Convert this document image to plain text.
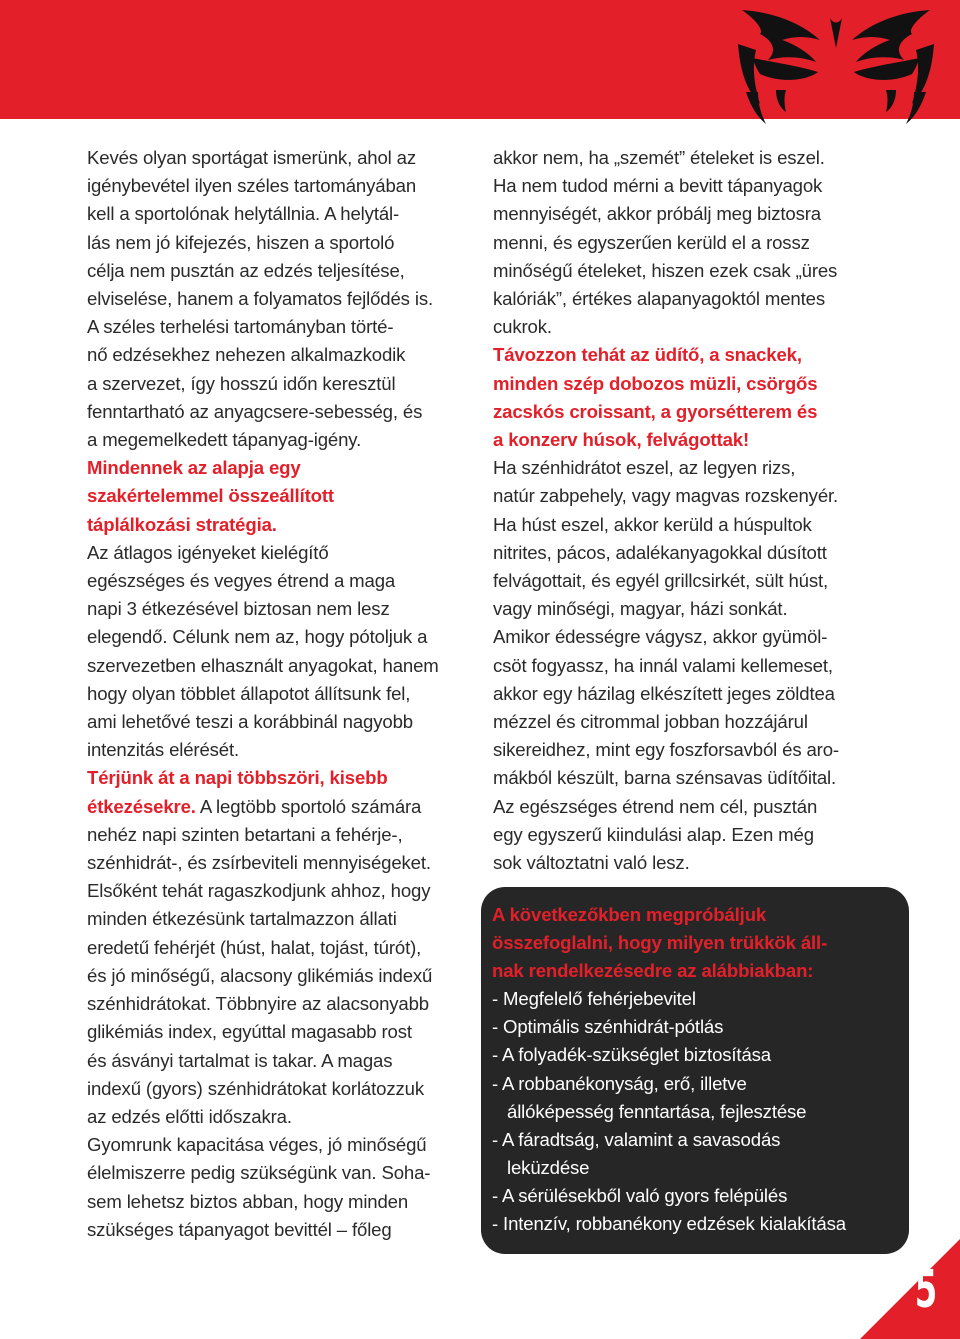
Kevés olyan sportágat ismerünk, ahol az
igénybevétel ilyen széles tartományában
kell a sportolónak helytállnia. A helytál-
lás nem jó kifejezés, hiszen a sportoló
célja nem pusztán az edzés teljesítése,
elviselése, hanem a folyamatos fejlődés is.
A széles terhelési tartományban törté-
nő edzésekhez nehezen alkalmazkodik
a szervezet, így hosszú időn keresztül
fenntartható az anyagcsere-sebesség, és
a megemelkedett tápanyag-igény.

Mindennek az alapja egy
szakértelemmel összeállított
táplálkozási stratégia.

Az átlagos igényeket kielégítő
egészséges és vegyes étrend a maga
napi 3 étkezésével biztosan nem lesz
elegendő. Célunk nem az, hogy pótoljuk a
szervezetben elhasznált anyagokat, hanem
hogy olyan többlet állapotot állítsunk fel,
ami lehetővé teszi a korábbinál nagyobb
intenzitás elérését.

Térjünk át a napi többszöri, kisebb
étkezésekre. A legtöbb sportoló számára
nehéz napi szinten betartani a fehérje-,
szénhidrát-, és zsírbeviteli mennyiségeket.
Elsőként tehát ragaszkodjunk ahhoz, hogy
minden étkezésünk tartalmazzon állati
eredetű fehérjét (húst, halat, tojást, túrót),
és jó minőségű, alacsony glikémiás indexű
szénhidrátokat. Többnyire az alacsonyabb
glikémiás index, egyúttal magasabb rost
és ásványi tartalmat is takar. A magas
indexű (gyors) szénhidrátokat korlátozzuk
az edzés előtti időszakra.

Gyomrunk kapacitása véges, jó minőségű
élelmiszerre pedig szükségünk van. Soha-
sem lehetsz biztos abban, hogy minden
szükséges tápanyagot bevittél – főleg

akkor nem, ha „szemét” ételeket is eszel.
Ha nem tudod mérni a bevitt tápanyagok
mennyiségét, akkor próbálj meg biztosra
menni, és egyszerűen kerüld el a rossz
minőségű ételeket, hiszen ezek csak „üres
kalóriák”, értékes alapanyagoktól mentes
cukrok.

Távozzon tehát az üdítő, a snackek,
minden szép dobozos müzli, csörgős
zacskós croissant, a gyorsétterem és
a konzerv húsok, felvágottak!

Ha szénhidrátot eszel, az legyen rizs,
natúr zabpehely, vagy magvas rozskenyér.
Ha húst eszel, akkor kerüld a húspultok
nitrites, pácos, adalékanyagokkal dúsított
felvágottait, és egyél grillcsirkét, sült húst,
vagy minőségi, magyar, házi sonkát.
Amikor édességre vágysz, akkor gyümöl-
csöt fogyassz, ha innál valami kellemeset,
akkor egy házilag elkészített jeges zöldtea
mézzel és citrommal jobban hozzájárul
sikereidhez, mint egy foszforsavból és aro-
mákból készült, barna szénsavas üdítőital.
Az egészséges étrend nem cél, pusztán
egy egyszerű kiindulási alap. Ezen még
sok változtatni való lesz.

A következőkben megpróbáljuk
összefoglalni, hogy milyen trükkök áll-
nak rendelkezésedre az alábbiakban:

- Megfelelő fehérjebevitel
- Optimális szénhidrát-pótlás
- A folyadék-szükséglet biztosítása
- A robbanékonyság, erő, illetve
állóképesség fenntartása, fejlesztése
- A fáradtság, valamint a savasodás
leküzdése
- A sérülésekből való gyors felépülés
- Intenzív, robbanékony edzések kialakítása
5
